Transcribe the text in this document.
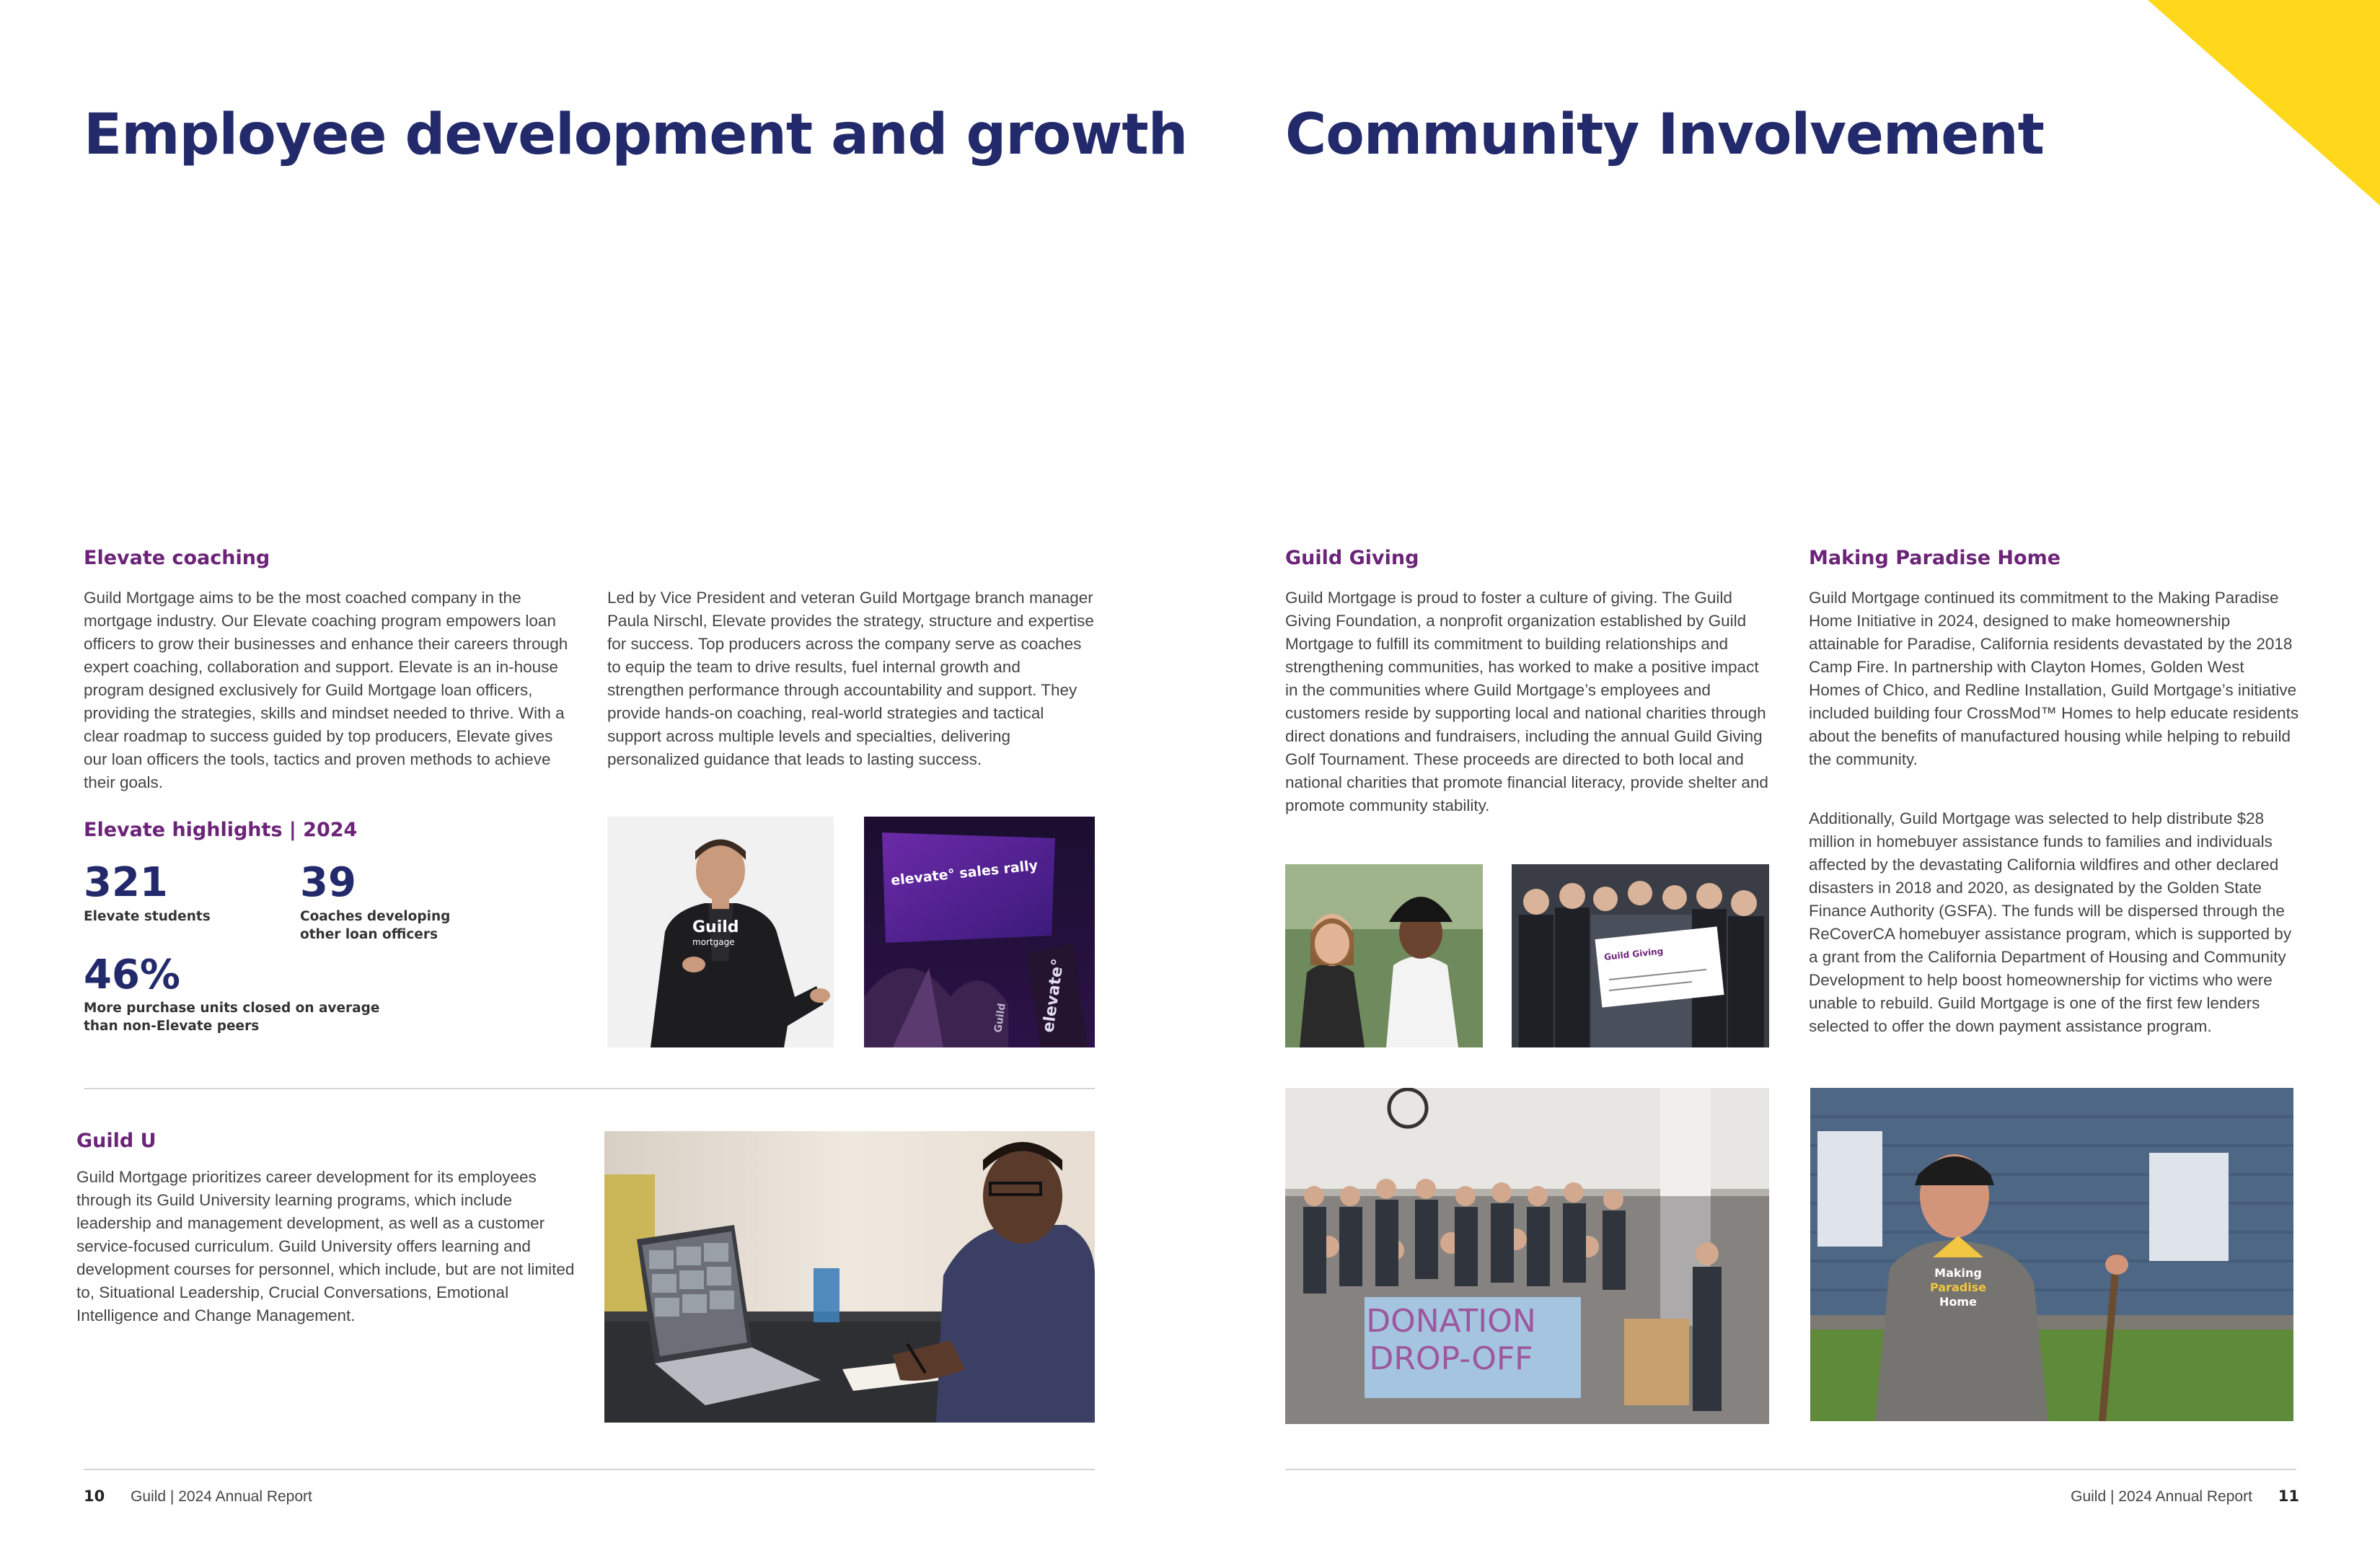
Employee development and growth
Elevate coaching

Guild Mortgage aims to be the most coached company in the mortgage industry. Our Elevate coaching program empowers loan officers to grow their businesses and enhance their careers through expert coaching, collaboration and support. Elevate is an in-house program designed exclusively for Guild Mortgage loan officers, providing the strategies, skills and mindset needed to thrive. With a clear roadmap to success guided by top producers, Elevate gives our loan officers the tools, tactics and proven methods to achieve their goals.

Led by Vice President and veteran Guild Mortgage branch manager Paula Nirschl, Elevate provides the strategy, structure and expertise for success. Top producers across the company serve as coaches to equip the team to drive results, fuel internal growth and strengthen performance through accountability and support. They provide hands-on coaching, real-world strategies and tactical support across multiple levels and specialties, delivering personalized guidance that leads to lasting success.

Elevate highlights | 2024
321
Elevate students
39
Coaches developing other loan officers
46%
More purchase units closed on average than non-Elevate peers
Guild
mortgage
elevate° sales rally
elevate°
Guild
Guild U

Guild Mortgage prioritizes career development for its employees through its Guild University learning programs, which include leadership and management development, as well as a customer service-focused curriculum. Guild University offers learning and development courses for personnel, which include, but are not limited to, Situational Leadership, Crucial Conversations, Emotional Intelligence and Change Management.

10 Guild | 2024 Annual Report
Community Involvement
Guild Giving

Guild Mortgage is proud to foster a culture of giving. The Guild Giving Foundation, a nonprofit organization established by Guild Mortgage to fulfill its commitment to building relationships and strengthening communities, has worked to make a positive impact in the communities where Guild Mortgage’s employees and customers reside by supporting local and national charities through direct donations and fundraisers, including the annual Guild Giving Golf Tournament. These proceeds are directed to both local and national charities that promote financial literacy, provide shelter and promote community stability.

Making Paradise Home

Guild Mortgage continued its commitment to the Making Paradise Home Initiative in 2024, designed to make homeownership attainable for Paradise, California residents devastated by the 2018 Camp Fire. In partnership with Clayton Homes, Golden West Homes of Chico, and Redline Installation, Guild Mortgage’s initiative included building four CrossMod™ Homes to help educate residents about the benefits of manufactured housing while helping to rebuild the community.

Additionally, Guild Mortgage was selected to help distribute $28 million in homebuyer assistance funds to families and individuals affected by the devastating California wildfires and other declared disasters in 2018 and 2020, as designated by the Golden State Finance Authority (GSFA). The funds will be dispersed through the ReCoverCA homebuyer assistance program, which is supported by a grant from the California Department of Housing and Community Development to help boost homeownership for victims who were unable to rebuild. Guild Mortgage is one of the first few lenders selected to offer the down payment assistance program.

Guild Giving
DONATION
DROP-OFF
Making
Paradise
Home
Guild | 2024 Annual Report 11
